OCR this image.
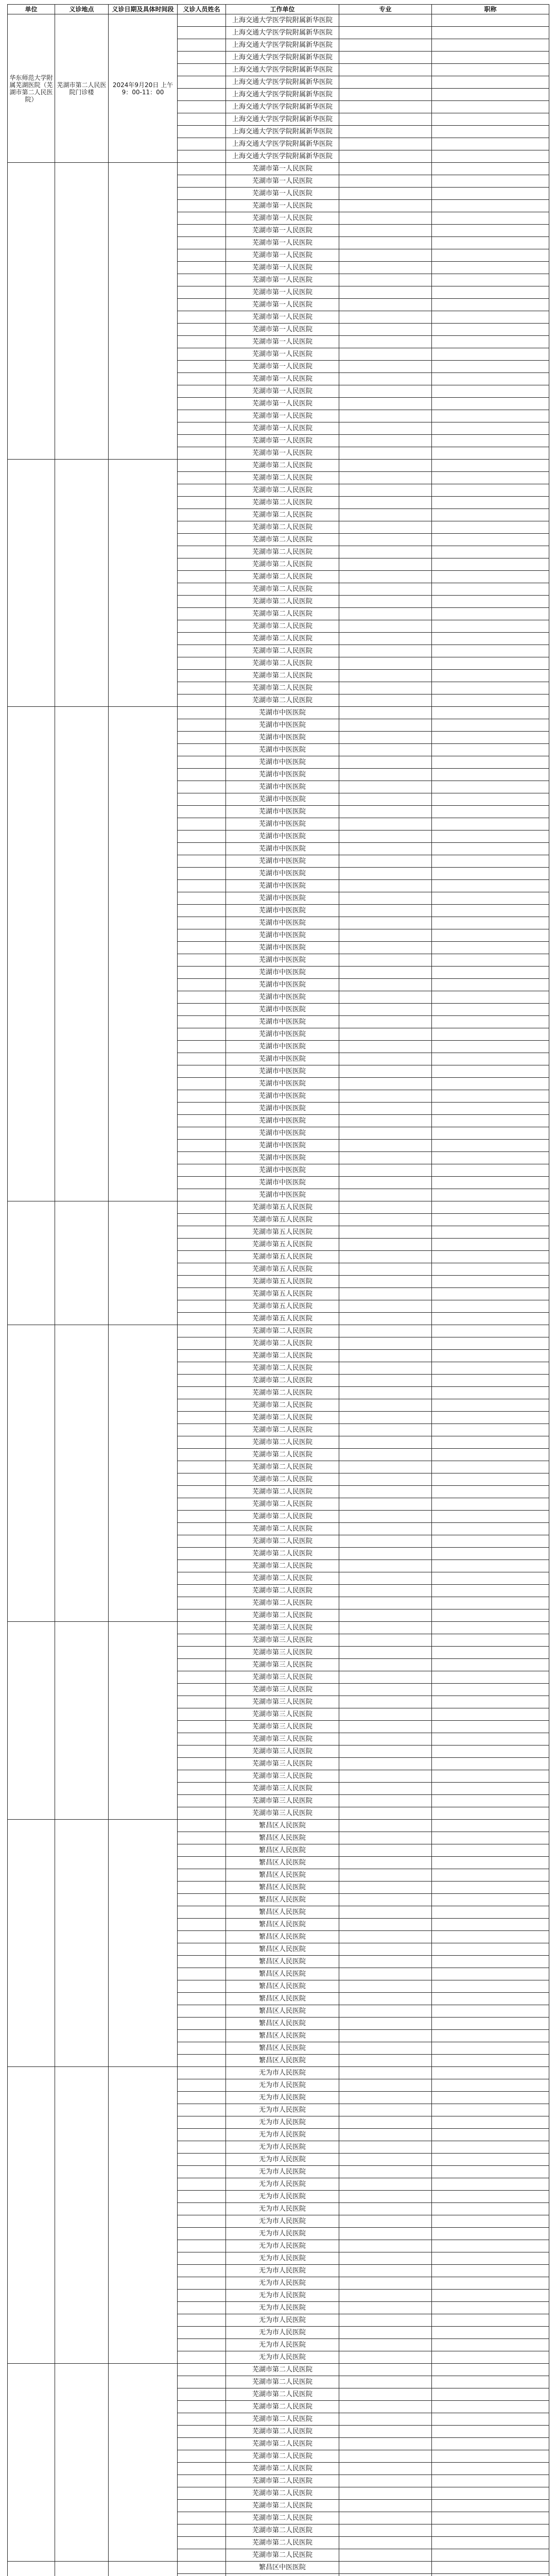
单位	义诊地点	义诊日期及具体时间段	义诊人员姓名	工作单位	专业	职称
华东师范大学附属芜湖医院（芜湖市第二人民医院）	芜湖市第二人民医院门诊楼	2024年9月20日 上午9：00-11：00		上海交通大学医学院附属新华医院		
				上海交通大学医学院附属新华医院		
				上海交通大学医学院附属新华医院		
				上海交通大学医学院附属新华医院		
				上海交通大学医学院附属新华医院		
				上海交通大学医学院附属新华医院		
				上海交通大学医学院附属新华医院		
				上海交通大学医学院附属新华医院		
				上海交通大学医学院附属新华医院		
				上海交通大学医学院附属新华医院		
				上海交通大学医学院附属新华医院		
				上海交通大学医学院附属新华医院		
				芜湖市第一人民医院		
				芜湖市第一人民医院		
				芜湖市第一人民医院		
				芜湖市第一人民医院		
				芜湖市第一人民医院		
				芜湖市第一人民医院		
				芜湖市第一人民医院		
				芜湖市第一人民医院		
				芜湖市第一人民医院		
				芜湖市第一人民医院		
				芜湖市第一人民医院		
				芜湖市第一人民医院		
				芜湖市第一人民医院		
				芜湖市第一人民医院		
				芜湖市第一人民医院		
				芜湖市第一人民医院		
				芜湖市第一人民医院		
				芜湖市第一人民医院		
				芜湖市第一人民医院		
				芜湖市第一人民医院		
				芜湖市第一人民医院		
				芜湖市第一人民医院		
				芜湖市第一人民医院		
				芜湖市第一人民医院		
				芜湖市第二人民医院		
				芜湖市第二人民医院		
				芜湖市第二人民医院		
				芜湖市第二人民医院		
				芜湖市第二人民医院		
				芜湖市第二人民医院		
				芜湖市第二人民医院		
				芜湖市第二人民医院		
				芜湖市第二人民医院		
				芜湖市第二人民医院		
				芜湖市第二人民医院		
				芜湖市第二人民医院		
				芜湖市第二人民医院		
				芜湖市第二人民医院		
				芜湖市第二人民医院		
				芜湖市第二人民医院		
				芜湖市第二人民医院		
				芜湖市第二人民医院		
				芜湖市第二人民医院		
				芜湖市第二人民医院		
				芜湖市中医医院		
				芜湖市中医医院		
				芜湖市中医医院		
				芜湖市中医医院		
				芜湖市中医医院		
				芜湖市中医医院		
				芜湖市中医医院		
				芜湖市中医医院		
				芜湖市中医医院		
				芜湖市中医医院		
				芜湖市中医医院		
				芜湖市中医医院		
				芜湖市中医医院		
				芜湖市中医医院		
				芜湖市中医医院		
				芜湖市中医医院		
				芜湖市中医医院		
				芜湖市中医医院		
				芜湖市中医医院		
				芜湖市中医医院		
				芜湖市中医医院		
				芜湖市中医医院		
				芜湖市中医医院		
				芜湖市中医医院		
				芜湖市中医医院		
				芜湖市中医医院		
				芜湖市中医医院		
				芜湖市中医医院		
				芜湖市中医医院		
				芜湖市中医医院		
				芜湖市中医医院		
				芜湖市中医医院		
				芜湖市中医医院		
				芜湖市中医医院		
				芜湖市中医医院		
				芜湖市中医医院		
				芜湖市中医医院		
				芜湖市中医医院		
				芜湖市中医医院		
				芜湖市中医医院		
				芜湖市第五人民医院		
				芜湖市第五人民医院		
				芜湖市第五人民医院		
				芜湖市第五人民医院		
				芜湖市第五人民医院		
				芜湖市第五人民医院		
				芜湖市第五人民医院		
				芜湖市第五人民医院		
				芜湖市第五人民医院		
				芜湖市第五人民医院		
				芜湖市第二人民医院		
				芜湖市第二人民医院		
				芜湖市第二人民医院		
				芜湖市第二人民医院		
				芜湖市第二人民医院		
				芜湖市第二人民医院		
				芜湖市第二人民医院		
				芜湖市第二人民医院		
				芜湖市第二人民医院		
				芜湖市第二人民医院		
				芜湖市第二人民医院		
				芜湖市第二人民医院		
				芜湖市第二人民医院		
				芜湖市第二人民医院		
				芜湖市第二人民医院		
				芜湖市第二人民医院		
				芜湖市第二人民医院		
				芜湖市第二人民医院		
				芜湖市第二人民医院		
				芜湖市第二人民医院		
				芜湖市第二人民医院		
				芜湖市第二人民医院		
				芜湖市第二人民医院		
				芜湖市第二人民医院		
				芜湖市第三人民医院		
				芜湖市第三人民医院		
				芜湖市第三人民医院		
				芜湖市第三人民医院		
				芜湖市第三人民医院		
				芜湖市第三人民医院		
				芜湖市第三人民医院		
				芜湖市第三人民医院		
				芜湖市第三人民医院		
				芜湖市第三人民医院		
				芜湖市第三人民医院		
				芜湖市第三人民医院		
				芜湖市第三人民医院		
				芜湖市第三人民医院		
				芜湖市第三人民医院		
				芜湖市第三人民医院		
				繁昌区人民医院		
				繁昌区人民医院		
				繁昌区人民医院		
				繁昌区人民医院		
				繁昌区人民医院		
				繁昌区人民医院		
				繁昌区人民医院		
				繁昌区人民医院		
				繁昌区人民医院		
				繁昌区人民医院		
				繁昌区人民医院		
				繁昌区人民医院		
				繁昌区人民医院		
				繁昌区人民医院		
				繁昌区人民医院		
				繁昌区人民医院		
				繁昌区人民医院		
				繁昌区人民医院		
				繁昌区人民医院		
				繁昌区人民医院		
				无为市人民医院		
				无为市人民医院		
				无为市人民医院		
				无为市人民医院		
				无为市人民医院		
				无为市人民医院		
				无为市人民医院		
				无为市人民医院		
				无为市人民医院		
				无为市人民医院		
				无为市人民医院		
				无为市人民医院		
				无为市人民医院		
				无为市人民医院		
				无为市人民医院		
				无为市人民医院		
				无为市人民医院		
				无为市人民医院		
				无为市人民医院		
				无为市人民医院		
				无为市人民医院		
				无为市人民医院		
				无为市人民医院		
				无为市人民医院		
				芜湖市第二人民医院		
				芜湖市第二人民医院		
				芜湖市第二人民医院		
				芜湖市第二人民医院		
				芜湖市第二人民医院		
				芜湖市第二人民医院		
				芜湖市第二人民医院		
				芜湖市第二人民医院		
				芜湖市第二人民医院		
				芜湖市第二人民医院		
				芜湖市第二人民医院		
				芜湖市第二人民医院		
				芜湖市第二人民医院		
				芜湖市第二人民医院		
				芜湖市第二人民医院		
				芜湖市第二人民医院		
				繁昌区中医医院		
